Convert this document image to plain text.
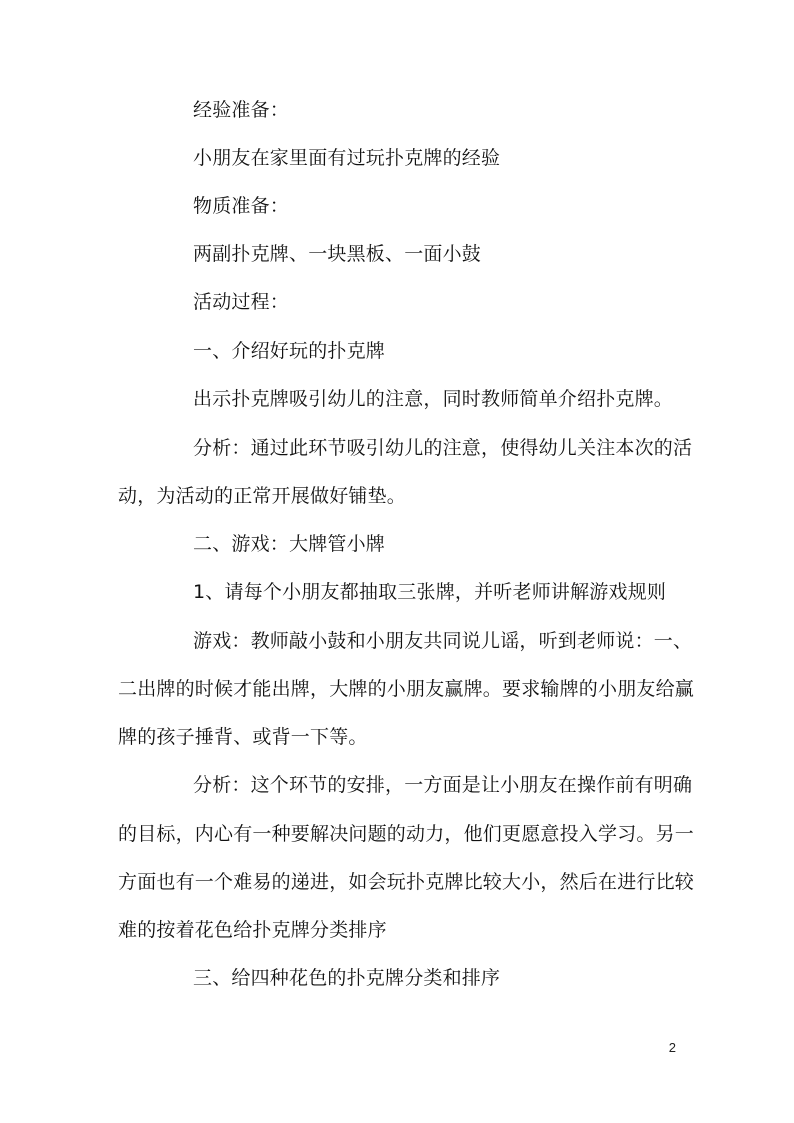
经验准备：

小朋友在家里面有过玩扑克牌的经验

物质准备：

两副扑克牌、一块黑板、一面小鼓

活动过程：

一、介绍好玩的扑克牌

出示扑克牌吸引幼儿的注意，同时教师简单介绍扑克牌。

分析：通过此环节吸引幼儿的注意，使得幼儿关注本次的活

动，为活动的正常开展做好铺垫。

二、游戏：大牌管小牌

1、请每个小朋友都抽取三张牌，并听老师讲解游戏规则

游戏：教师敲小鼓和小朋友共同说儿谣，听到老师说：一、

二出牌的时候才能出牌，大牌的小朋友赢牌。要求输牌的小朋友给赢

牌的孩子捶背、或背一下等。

分析：这个环节的安排，一方面是让小朋友在操作前有明确

的目标，内心有一种要解决问题的动力，他们更愿意投入学习。另一

方面也有一个难易的递进，如会玩扑克牌比较大小，然后在进行比较

难的按着花色给扑克牌分类排序

三、给四种花色的扑克牌分类和排序

2
